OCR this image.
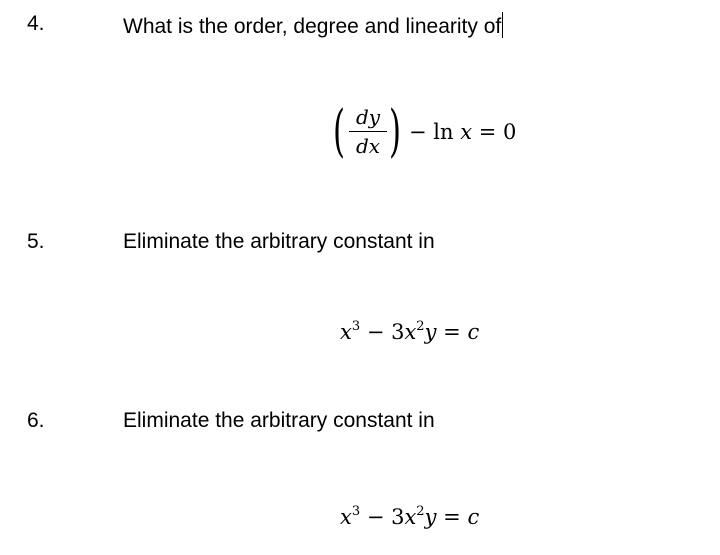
4.	What is the order, degree and linearity of
( dy
dx ) − ln x = 0
5.	Eliminate the arbitrary constant in
$x^3 - 3x^2y = c$
6.	Eliminate the arbitrary constant in
$x^3 - 3x^2y = c$
